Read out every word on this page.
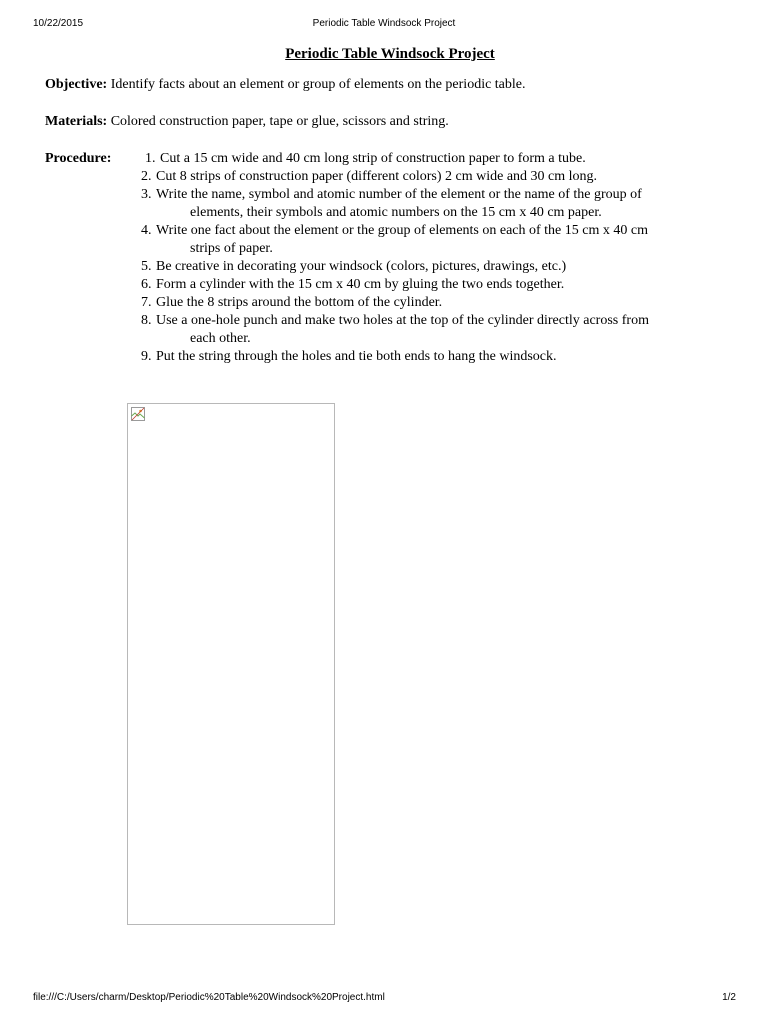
10/22/2015	Periodic Table Windsock Project
Periodic Table Windsock Project
Objective: Identify facts about an element or group of elements on the periodic table.
Materials: Colored construction paper, tape or glue, scissors and string.
Procedure: 1. Cut a 15 cm wide and 40 cm long strip of construction paper to form a tube.
2. Cut 8 strips of construction paper (different colors) 2 cm wide and 30 cm long.
3. Write the name, symbol and atomic number of the element or the name of the group of
elements, their symbols and atomic numbers on the 15 cm x 40 cm paper.
4. Write one fact about the element or the group of elements on each of the 15 cm x 40 cm
strips of paper.
5. Be creative in decorating your windsock (colors, pictures, drawings, etc.)
6. Form a cylinder with the 15 cm x 40 cm by gluing the two ends together.
7. Glue the 8 strips around the bottom of the cylinder.
8. Use a one-hole punch and make two holes at the top of the cylinder directly across from
each other.
9. Put the string through the holes and tie both ends to hang the windsock.
file:///C:/Users/charm/Desktop/Periodic%20Table%20Windsock%20Project.html	1/2
